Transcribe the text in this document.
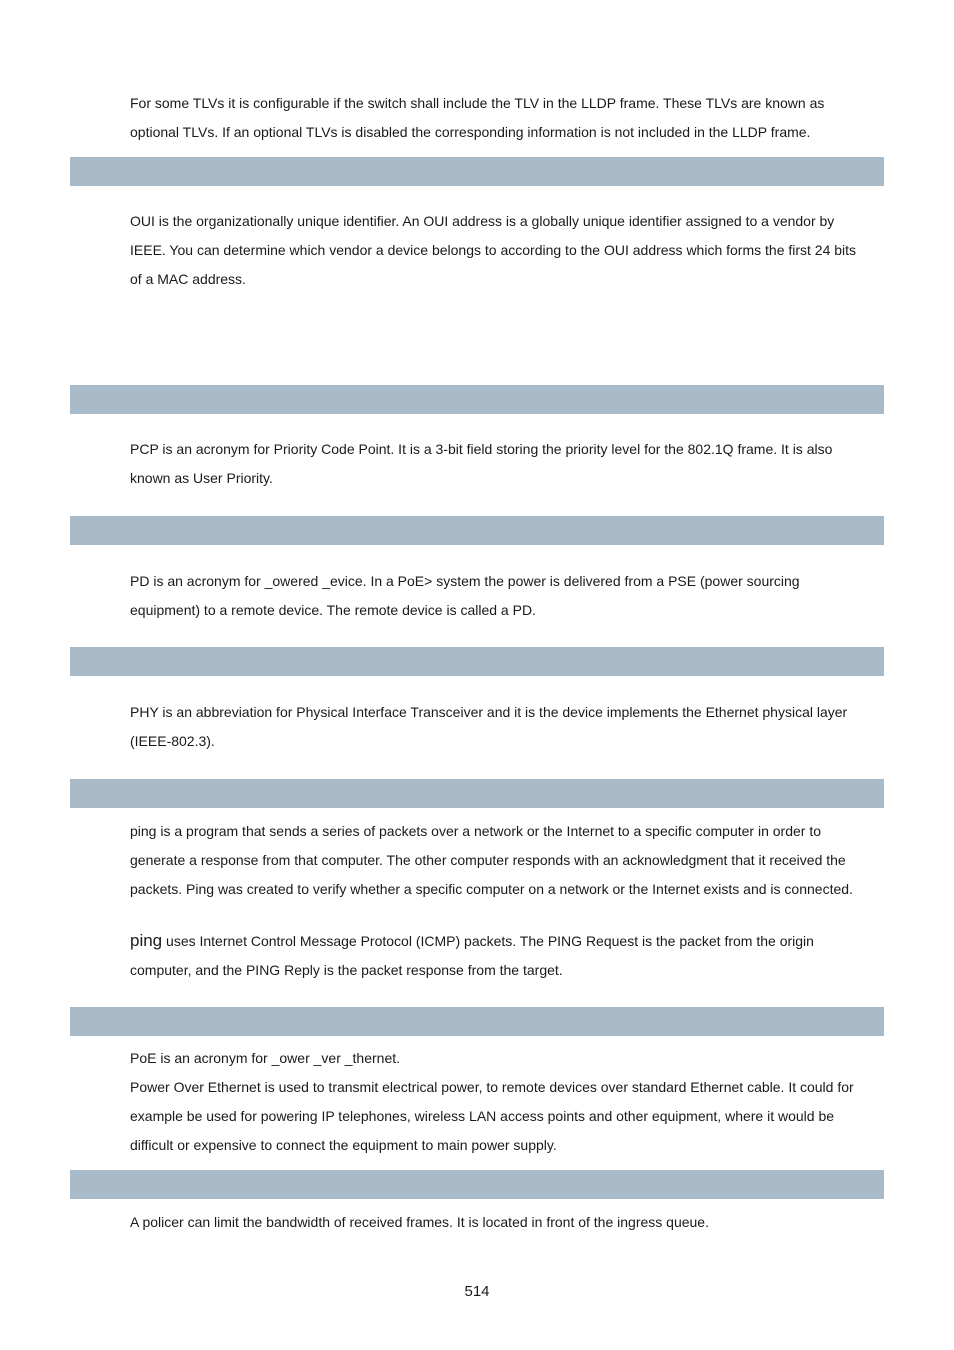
For some TLVs it is configurable if the switch shall include the TLV in the LLDP frame. These TLVs are known as
optional TLVs. If an optional TLVs is disabled the corresponding information is not included in the LLDP frame.

OUI is the organizationally unique identifier. An OUI address is a globally unique identifier assigned to a vendor by
IEEE. You can determine which vendor a device belongs to according to the OUI address which forms the first 24 bits
of a MAC address.

PCP is an acronym for Priority Code Point. It is a 3-bit field storing the priority level for the 802.1Q frame. It is also
known as User Priority.

PD is an acronym for _owered _evice. In a PoE> system the power is delivered from a PSE (power sourcing
equipment) to a remote device. The remote device is called a PD.

PHY is an abbreviation for Physical Interface Transceiver and it is the device implements the Ethernet physical layer
(IEEE-802.3).

ping is a program that sends a series of packets over a network or the Internet to a specific computer in order to
generate a response from that computer. The other computer responds with an acknowledgment that it received the
packets. Ping was created to verify whether a specific computer on a network or the Internet exists and is connected.

ping uses Internet Control Message Protocol (ICMP) packets. The PING Request is the packet from the origin
computer, and the PING Reply is the packet response from the target.

PoE is an acronym for _ower _ver _thernet.
Power Over Ethernet is used to transmit electrical power, to remote devices over standard Ethernet cable. It could for
example be used for powering IP telephones, wireless LAN access points and other equipment, where it would be
difficult or expensive to connect the equipment to main power supply.

A policer can limit the bandwidth of received frames. It is located in front of the ingress queue.

514
